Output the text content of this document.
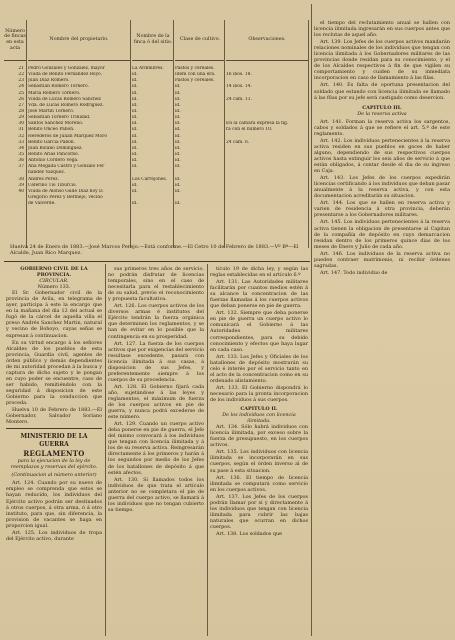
Número de fincas en esta acta
Nombre del propietario.
Nombre de la finca ó del sitio.
Clase de cultivo.	Observaciones.
21 Pedro Gonzales y Gonzalez, mayor	La Ardimbres.	Pastos y cereales.
22 Viuda de Benito Fernandez Boyo.	id.	Idem con una era.	16 ibos. 18.
23 Juan Diaz Romero.	id.	Pastos y cereales.
24 Sebastian Romero Tornero.	id.	id.	14 ibos. 14.
25 Maria Romero Tornero.	id.	id.
26 Viuda de Lucas Romero Sanchez	id.	id.	24 cám. 11.
27 Vda. de Lucas Romero Rodriguez.	id.	id.
28 José Martin Tornero.	id.	id.
29 Sebastian Tornero Trinidad.	id.	id.
30 Santos Sanchez Moreno.	id.	id.	En la cámara expresa la fig.
31 Benito Onceo Pabon.	id.	id.	ra con el número 10.
32 Herederos de Julian Marquez Moro	id.	id.
33 Benito Garcia Pabon.	id.	id.	24 cám. 6.
34 Juan Bolaño Dominguez.	id.	id.
35 Benito Arias Pancorbo.	id.	id.
36 Antonio Cordero Vega.	id.	id.
37 Ana Megada Castro y Gonzalo Fer	id.	id.
nandez Vazquez.
38 Andrés Perez.	Los Carrejones.	id.
39 Ceferino Tío Tiburcio.	id.	id.
40 Viuda de Alonso Gude Diaz hoy D.	id.	id.
Gregorio Perez y Bermejo, vecino
de Valverde.	id.	id.
Huelva 24 de Enero de 1883.—José Marcos Perejo.—Está conforme.—El Cetro 10 de Febrero de 1883.—Vº Bº—El Alcalde, Juan Rico Marquez.

el tiempo del reclutamiento anual se hallen con licencia ilimitada ingresarán en sus cuerpos antes que los reclutas de aquel año.

Art. 139. Los Jefes de los cuerpos activos mandarán relaciones nominales de los individuos que tengan con licencia ilimitada á los Gobernadores militares de las provincias donde residan para su conocimiento, y el de los Alcaldes respectivos á fin de que vigilen su comportamiento y cuiden de su inmediata incorporacion en caso de llamamiento á las filas.

Art. 140. Es falta de oportuna presentacion del soldado que estando con licencia ilimitada se llamado á las filas por su jefe será castigado como desercion.

CAPITULO III.
De la reserva activa

Art. 141. Forman la reserva activa los sargentos, cabos y soldados á que se refiere el art. 5.º de este reglamento.

Art. 142. Los individuos pertenecientes á la reserva activa residen en sus pueblos en goces de haber alguno, dependiendo de sus respectivos cuerpos activos hasta extinguir los seis años de servicio á que están obligados, á contar desde el dia de su ingreso en Caja.

Art. 143. Los Jefes de los cuerpos expedirán licencias certificando á los individuos que deban pasar anualmente á la reserva activa, y con esta documentacion acreditarán su situacion.

Art. 144. Los que se hallen en reserva activa y varien de residencia á otra provincia, deberán presentarse a los Gobernadores militares.

Art. 145. Los individuos pertenecientes á la reserva activa tienen la obligacion de presentarse al Capitan de la compañía de depósito en cuyo demarcacion residan dentro de los primeros quince dias de los meses de Enero y Julio de cada año.

Art. 146. Los individuos de la reserva activa no pueden contraer matrimonio, ni recibir órdenes sagradas.

Art. 147. Todo individuo de

GOBIERNO CIVIL DE LA PROVINCIA.
CIRCULAR.
Número 133.

El Sr. Gobernador civil de la provincia de Avila, en telegrama de ayer, participa á este la encargo que en la mañana del dia 12 del actual se fugó de la cárcel de aquella villa el preso Andrés Sanchez Martin, natural y vecino de Bohoyo, cuyas señas se expresan á continuacion.

En su virtud encargo á los señores Alcaldes de los pueblos de esta provincia, Guardia civil, agentes de órden público y demás dependientes de mi autoridad procedan á la busca y captura de dicho sujeto y le pongan en cuyo poder se encuentre, caso de ser habido, remitiéndolo con la seguridad á disposicion de este Gobierno para la conduccion que proceda.

Huelva 10 de Febrero de 1883.—El Gobernador, Salvador Soriano Montero.

MINISTERIO DE LA GUERRA
REGLAMENTO
para la ejecucion de la ley de reemplazos y reservas del ejército.
(Continuacion al número anterior)

Art. 124. Cuando por su nuevo de empleo se comprenda que estos se hayan reducido, los individuos del Ejército activo podrán ser destinados á otros cuerpos, á otra arma, ó á otro instituto, para que, sin diferencia, la provision de vacantes se haga en proporcion igual.

Art. 125. Los individuos de tropa del Ejército activo, durante

sus primeros tres años de servicio, no podrán disfrutar de licencias temporales, sino en el caso de necesitarla para el restablecimiento de su salud, previo el reconocimiento y propuesta facultativa.

Art. 126. Los cuerpos activos de los diversos armas é institutos del Ejército tendrán la fuerza orgánica que determinen los reglamentos, y se han de evitar en lo posible que la contingencia en su prosperidad.

Art. 127. La fuerza de los cuerpos activos que por exigencias del servicio resultase excedente, pasará con licencia ilimitada á sus casas, á disposicion de sus Jefes, y preferentemente siempre á los cuerpos de su procedencia.

Art. 128. El Gobierno fijará cada año, sujetándose á las leyes y reglamentos, el máximum de fuerza de los cuerpos activos en pie de guerra, y nunca podrá excederse de este número.

Art. 129. Cuando un cuerpo activo deba ponerse en pie de guerra, el Jefe del mismo convocará á los individuos que tengan con licencia ilimitada y á los de su reserva activa. Reingresarán directamente á los primeros y harán á los segundos por medio de los Jefes de los batallones de depósito á que estén afectos.

Art. 130. Si llamados todos los individuos de que trata el artículo anterior no se completara el pie de guerra del cuerpo activo, se llamará á los individuos que no tengan cubierto su tiempo.

tículo 19 de dicha ley, y según las reglas establecidas en el artículo 6.º

Art. 131. Las Autoridades militares facilitarán por cuantos medios estén á su alcance la concentracion de las fuerzas llamadas á los cuerpos activos que deban ponerse en pie de guerra.

Art. 132. Siempre que deba ponerse en pie de guerra un cuerpo activo lo comunicará el Gobierno á las Autoridades militares correspondientes, para su debido conocimiento y efectos que haya lugar en cada caso.

Art. 133. Los Jefes y Oficiales de los batallones de depósito mostrarán su celo é interés por el servicio tanto en el acto de la concentracion como en su ordenado alistamiento.

Art. 133. El Gobierno dispondrá lo necesario para la pronta incorporacion de los individuos á sus cuerpos.

CAPITULO II.
De los individuos con licencia ilimitada.

Art. 134. Sólo habrá individuos con licencia ilimitada, por exceso sobre la fuerza de presupuesto, en los cuerpos activos.

Art. 135. Los individuos con licencia ilimitada se incorporarán en sus cuerpos, según el órden inverso al de su pase á esta situacion.

Art. 136. El tiempo de licencia ilimitada se computará como servicio en los cuerpos activos.

Art. 137. Los Jefes de los cuerpos podrán llamar por si y directamente á los individuos que tengan con licencia ilimitada para cubrir las bajas naturales que ocurran en dichos cuerpos.

Art. 138. Los soldados que
